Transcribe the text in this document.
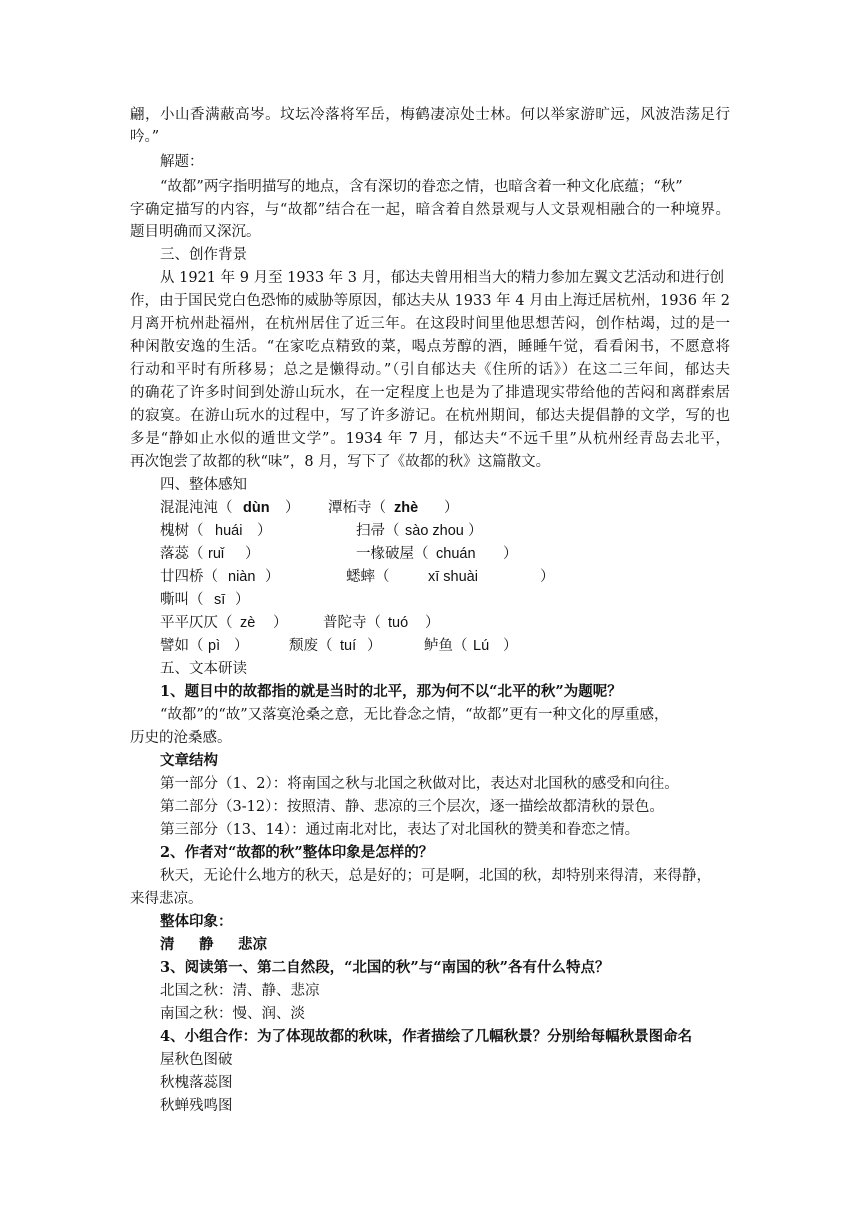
翩，小山香满蔽高岑。坟坛冷落将军岳，梅鹤凄凉处士林。何以举家游旷远，风波浩荡足行
吟。”
解题：
“故都”两字指明描写的地点，含有深切的眷恋之情，也暗含着一种文化底蕴；“秋”
字确定描写的内容，与“故都”结合在一起，暗含着自然景观与人文景观相融合的一种境界。
题目明确而又深沉。
三、创作背景
从 1921 年 9 月至 1933 年 3 月，郁达夫曾用相当大的精力参加左翼文艺活动和进行创
作，由于国民党白色恐怖的威胁等原因，郁达夫从 1933 年 4 月由上海迁居杭州，1936 年 2
月离开杭州赴福州，在杭州居住了近三年。在这段时间里他思想苦闷，创作枯竭，过的是一
种闲散安逸的生活。“在家吃点精致的菜，喝点芳醇的酒，睡睡午觉，看看闲书，不愿意将
行动和平时有所移易；总之是懒得动。”（引自郁达夫《住所的话》）在这二三年间，郁达夫
的确花了许多时间到处游山玩水，在一定程度上也是为了排遣现实带给他的苦闷和离群索居
的寂寞。在游山玩水的过程中，写了许多游记。在杭州期间，郁达夫提倡静的文学，写的也
多是“静如止水似的遁世文学”。1934 年 7 月，郁达夫“不远千里”从杭州经青岛去北平，
再次饱尝了故都的秋“味”，8 月，写下了《故都的秋》这篇散文。
四、整体感知
混混沌沌（ dùn ） 潭柘寺（ zhè ）
槐树（ huái ）	扫帚（ sào zhou ）
落蕊（ ruǐ ）	一椽破屋（ chuán ）
廿四桥（ niàn ）	蟋蟀（	xī shuài	）
嘶叫（ sī ）
平平仄仄（ zè ） 普陀寺（ tuó ）
譬如（ pì ）	颓废（ tuí ）	鲈鱼（ Lú ）
五、文本研读
1、题目中的故都指的就是当时的北平，那为何不以“北平的秋”为题呢？
“故都”的“故”又落寞沧桑之意，无比眷念之情，“故都”更有一种文化的厚重感，
历史的沧桑感。
文章结构
第一部分（1、2）：将南国之秋与北国之秋做对比，表达对北国秋的感受和向往。
第二部分（3-12）：按照清、静、悲凉的三个层次，逐一描绘故都清秋的景色。
第三部分（13、14）：通过南北对比，表达了对北国秋的赞美和眷恋之情。
2、作者对“故都的秋”整体印象是怎样的？
秋天，无论什么地方的秋天，总是好的；可是啊，北国的秋，却特别来得清，来得静，
来得悲凉。
整体印象：
清 静 悲凉
3、阅读第一、第二自然段，“北国的秋”与“南国的秋”各有什么特点？
北国之秋：清、静、悲凉
南国之秋：慢、润、淡
4、小组合作：为了体现故都的秋味，作者描绘了几幅秋景？分别给每幅秋景图命名
屋秋色图破
秋槐落蕊图
秋蝉残鸣图
